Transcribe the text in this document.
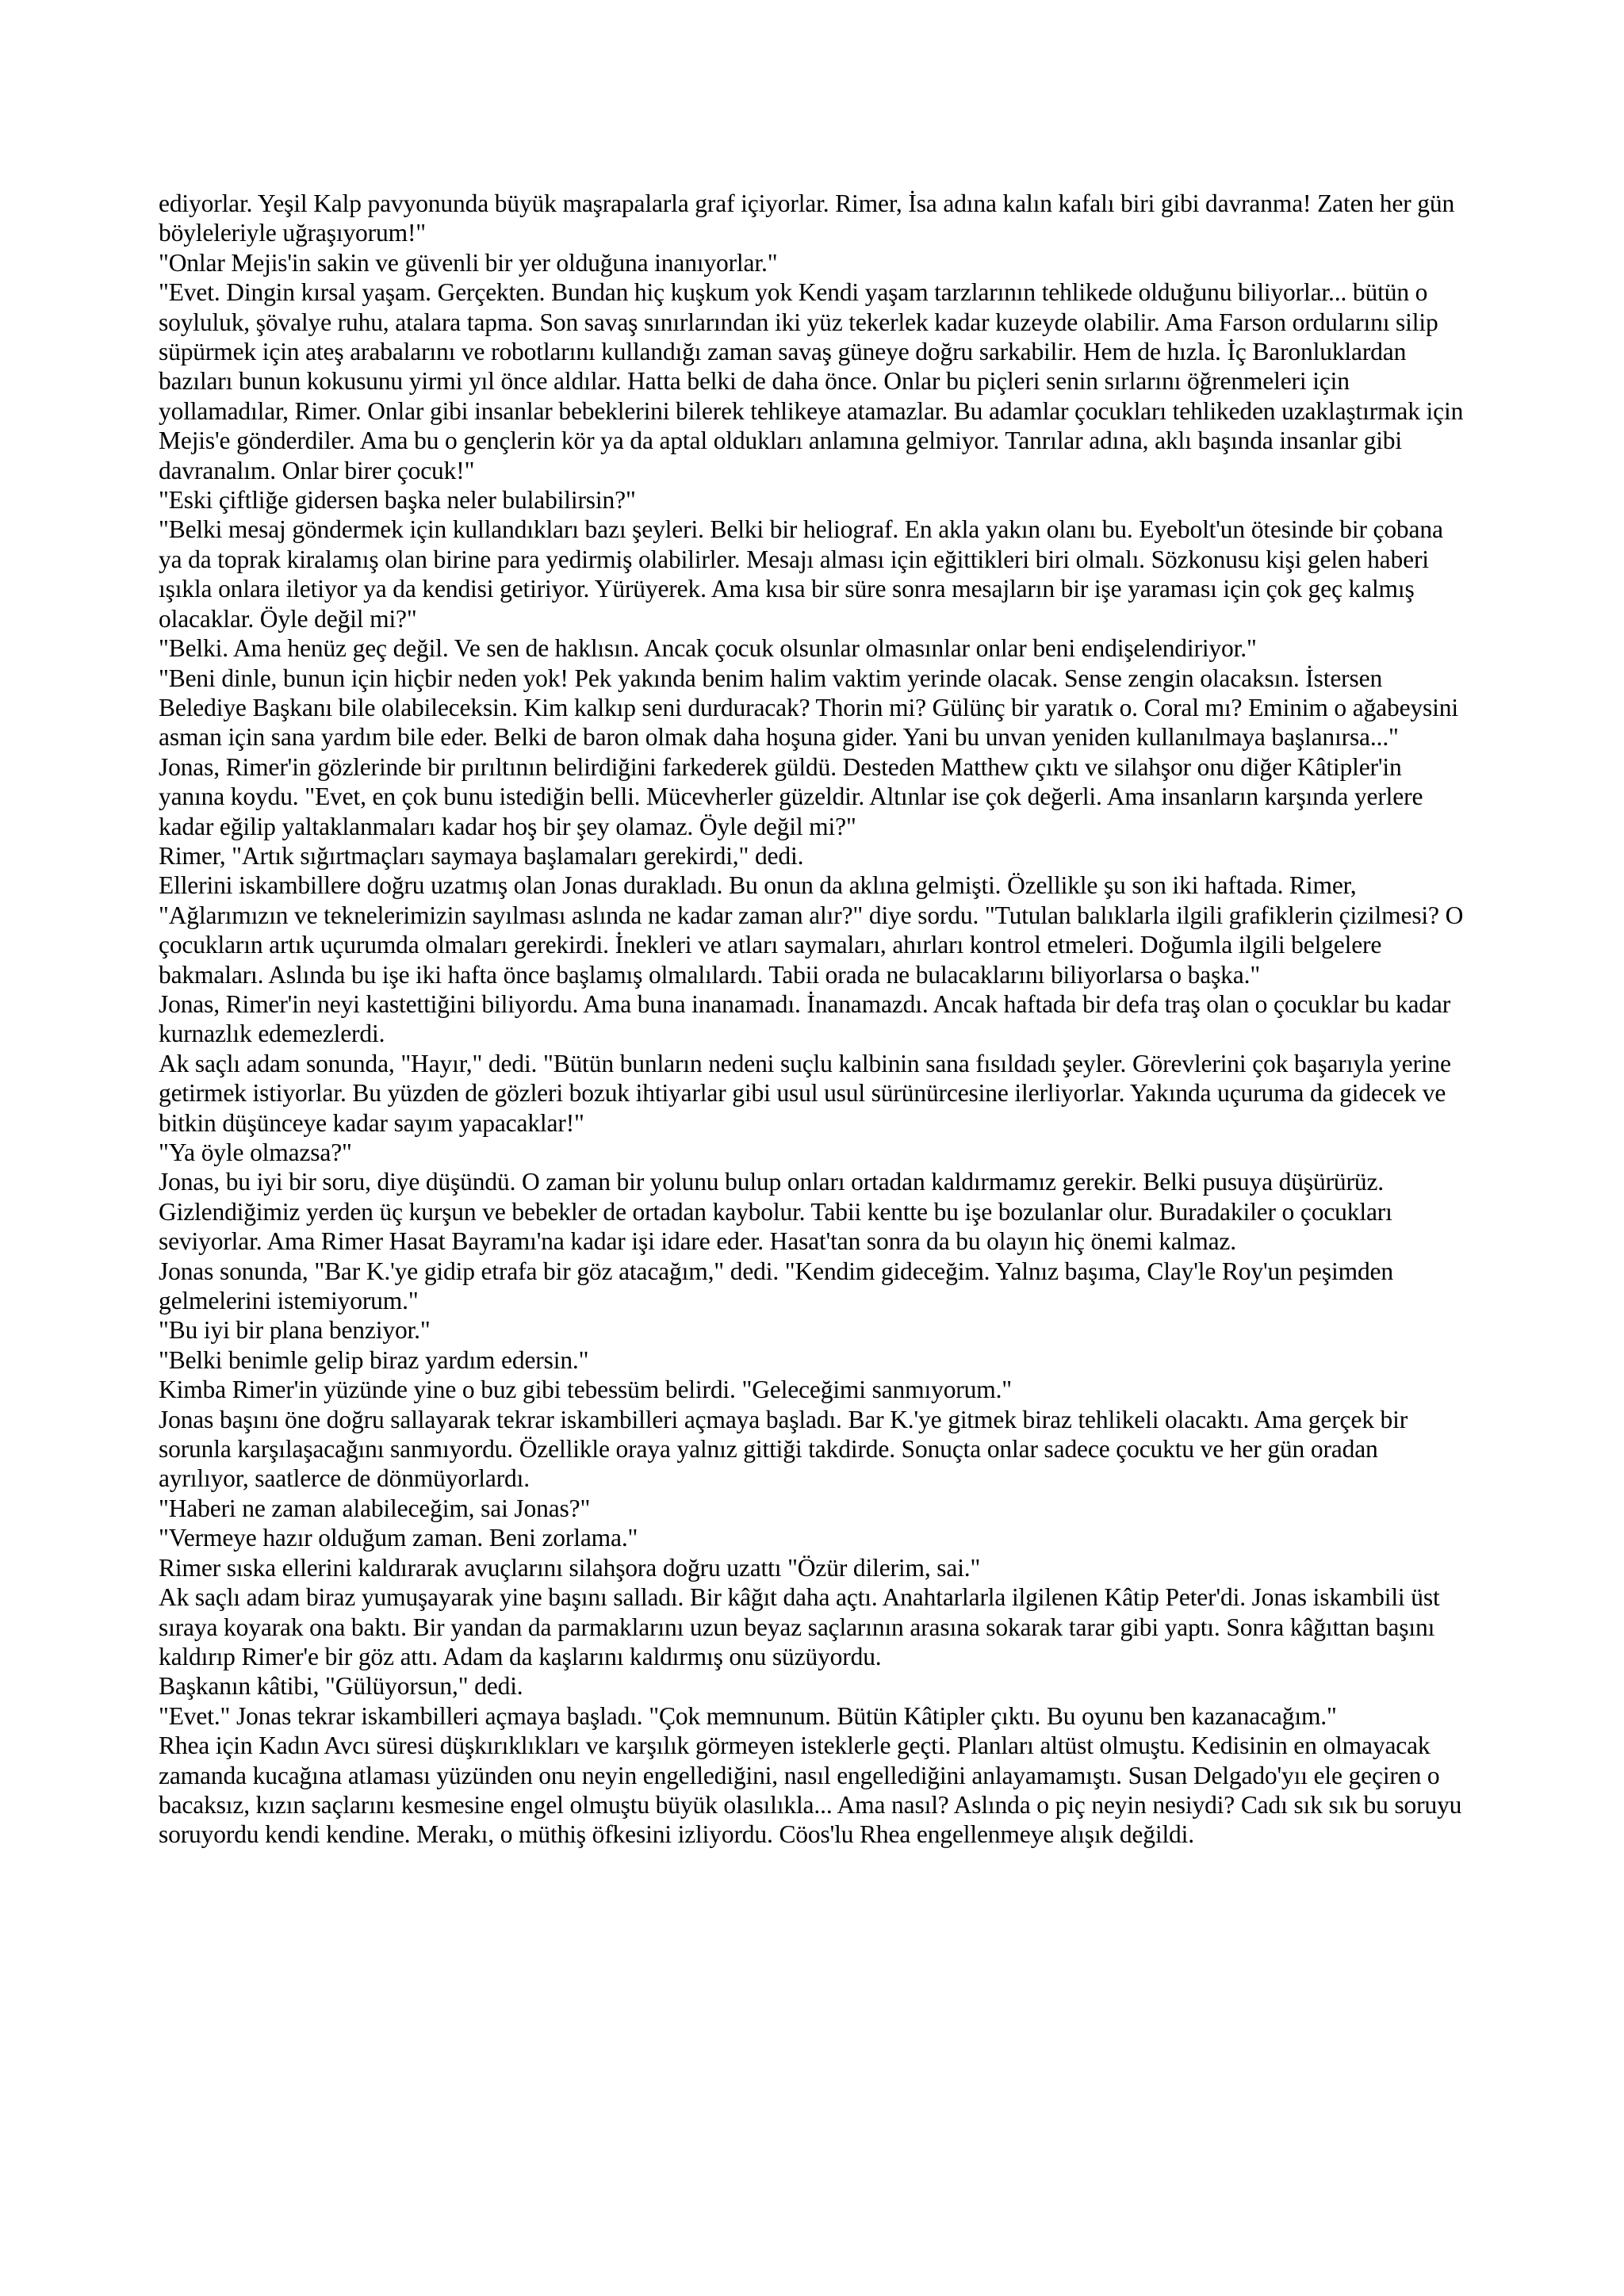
ediyorlar. Yeşil Kalp pavyonunda büyük maşrapalarla graf içiyorlar. Rimer, İsa adına kalın kafalı biri gibi davranma! Zaten her gün böyleleriyle uğraşıyorum!"

"Onlar Mejis'in sakin ve güvenli bir yer olduğuna inanıyorlar."

"Evet. Dingin kırsal yaşam. Gerçekten. Bundan hiç kuşkum yok Kendi yaşam tarzlarının tehlikede olduğunu biliyorlar... bütün o soyluluk, şövalye ruhu, atalara tapma. Son savaş sınırlarından iki yüz tekerlek kadar kuzeyde olabilir. Ama Farson ordularını silip süpürmek için ateş arabalarını ve robotlarını kullandığı zaman savaş güneye doğru sarkabilir. Hem de hızla. İç Baronluklardan bazıları bunun kokusunu yirmi yıl önce aldılar. Hatta belki de daha önce. Onlar bu piçleri senin sırlarını öğrenmeleri için yollamadılar, Rimer. Onlar gibi insanlar bebeklerini bilerek tehlikeye atamazlar. Bu adamlar çocukları tehlikeden uzaklaştırmak için Mejis'e gönderdiler. Ama bu o gençlerin kör ya da aptal oldukları anlamına gelmiyor. Tanrılar adına, aklı başında insanlar gibi davranalım. Onlar birer çocuk!"

"Eski çiftliğe gidersen başka neler bulabilirsin?"

"Belki mesaj göndermek için kullandıkları bazı şeyleri. Belki bir heliograf. En akla yakın olanı bu. Eyebolt'un ötesinde bir çobana ya da toprak kiralamış olan birine para yedirmiş olabilirler. Mesajı alması için eğittikleri biri olmalı. Sözkonusu kişi gelen haberi ışıkla onlara iletiyor ya da kendisi getiriyor. Yürüyerek. Ama kısa bir süre sonra mesajların bir işe yaraması için çok geç kalmış olacaklar. Öyle değil mi?"

"Belki. Ama henüz geç değil. Ve sen de haklısın. Ancak çocuk olsunlar olmasınlar onlar beni endişelendiriyor."

"Beni dinle, bunun için hiçbir neden yok! Pek yakında benim halim vaktim yerinde olacak. Sense zengin olacaksın. İstersen Belediye Başkanı bile olabileceksin. Kim kalkıp seni durduracak? Thorin mi? Gülünç bir yaratık o. Coral mı? Eminim o ağabeysini asman için sana yardım bile eder. Belki de baron olmak daha hoşuna gider. Yani bu unvan yeniden kullanılmaya başlanırsa..." Jonas, Rimer'in gözlerinde bir pırıltının belirdiğini farkederek güldü. Desteden Matthew çıktı ve silahşor onu diğer Kâtipler'in yanına koydu. "Evet, en çok bunu istediğin belli. Mücevherler güzeldir. Altınlar ise çok değerli. Ama insanların karşında yerlere kadar eğilip yaltaklanmaları kadar hoş bir şey olamaz. Öyle değil mi?"

Rimer, "Artık sığırtmaçları saymaya başlamaları gerekirdi," dedi.

Ellerini iskambillere doğru uzatmış olan Jonas durakladı. Bu onun da aklına gelmişti. Özellikle şu son iki haftada. Rimer, "Ağlarımızın ve teknelerimizin sayılması aslında ne kadar zaman alır?" diye sordu. "Tutulan balıklarla ilgili grafiklerin çizilmesi? O çocukların artık uçurumda olmaları gerekirdi. İnekleri ve atları saymaları, ahırları kontrol etmeleri. Doğumla ilgili belgelere bakmaları. Aslında bu işe iki hafta önce başlamış olmalılardı. Tabii orada ne bulacaklarını biliyorlarsa o başka."

Jonas, Rimer'in neyi kastettiğini biliyordu. Ama buna inanamadı. İnanamazdı. Ancak haftada bir defa traş olan o çocuklar bu kadar kurnazlık edemezlerdi.

Ak saçlı adam sonunda, "Hayır," dedi. "Bütün bunların nedeni suçlu kalbinin sana fısıldadı şeyler. Görevlerini çok başarıyla yerine getirmek istiyorlar. Bu yüzden de gözleri bozuk ihtiyarlar gibi usul usul sürünürcesine ilerliyorlar. Yakında uçuruma da gidecek ve bitkin düşünceye kadar sayım yapacaklar!"

"Ya öyle olmazsa?"

Jonas, bu iyi bir soru, diye düşündü. O zaman bir yolunu bulup onları ortadan kaldırmamız gerekir. Belki pusuya düşürürüz. Gizlendiğimiz yerden üç kurşun ve bebekler de ortadan kaybolur. Tabii kentte bu işe bozulanlar olur. Buradakiler o çocukları seviyorlar. Ama Rimer Hasat Bayramı'na kadar işi idare eder. Hasat'tan sonra da bu olayın hiç önemi kalmaz.

Jonas sonunda, "Bar K.'ye gidip etrafa bir göz atacağım," dedi. "Kendim gideceğim. Yalnız başıma, Clay'le Roy'un peşimden gelmelerini istemiyorum."

"Bu iyi bir plana benziyor."

"Belki benimle gelip biraz yardım edersin."

Kimba Rimer'in yüzünde yine o buz gibi tebessüm belirdi. "Geleceğimi sanmıyorum."

Jonas başını öne doğru sallayarak tekrar iskambilleri açmaya başladı. Bar K.'ye gitmek biraz tehlikeli olacaktı. Ama gerçek bir sorunla karşılaşacağını sanmıyordu. Özellikle oraya yalnız gittiği takdirde. Sonuçta onlar sadece çocuktu ve her gün oradan ayrılıyor, saatlerce de dönmüyorlardı.

"Haberi ne zaman alabileceğim, sai Jonas?"

"Vermeye hazır olduğum zaman. Beni zorlama."

Rimer sıska ellerini kaldırarak avuçlarını silahşora doğru uzattı "Özür dilerim, sai."

Ak saçlı adam biraz yumuşayarak yine başını salladı. Bir kâğıt daha açtı. Anahtarlarla ilgilenen Kâtip Peter'di. Jonas iskambili üst sıraya koyarak ona baktı. Bir yandan da parmaklarını uzun beyaz saçlarının arasına sokarak tarar gibi yaptı. Sonra kâğıttan başını kaldırıp Rimer'e bir göz attı. Adam da kaşlarını kaldırmış onu süzüyordu.

Başkanın kâtibi, "Gülüyorsun," dedi.

"Evet." Jonas tekrar iskambilleri açmaya başladı. "Çok memnunum. Bütün Kâtipler çıktı. Bu oyunu ben kazanacağım."

Rhea için Kadın Avcı süresi düşkırıklıkları ve karşılık görmeyen isteklerle geçti. Planları altüst olmuştu. Kedisinin en olmayacak zamanda kucağına atlaması yüzünden onu neyin engellediğini, nasıl engellediğini anlayamamıştı. Susan Delgado'yıı ele geçiren o bacaksız, kızın saçlarını kesmesine engel olmuştu büyük olasılıkla... Ama nasıl? Aslında o piç neyin nesiydi? Cadı sık sık bu soruyu soruyordu kendi kendine. Merakı, o müthiş öfkesini izliyordu. Cöos'lu Rhea engellenmeye alışık değildi.
